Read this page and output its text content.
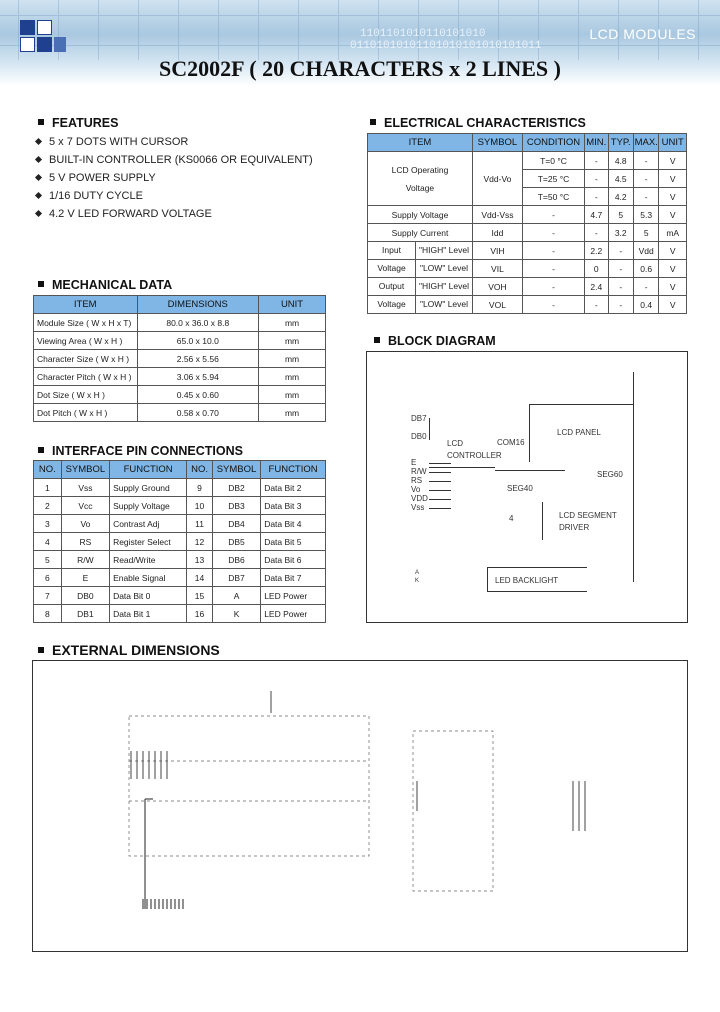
1101101010110101010
01101010101101010101010101011
LCD MODULES
SC2002F ( 20 CHARACTERS x 2 LINES )
FEATURES
5 x 7 DOTS WITH CURSOR
BUILT-IN CONTROLLER (KS0066 OR EQUIVALENT)
5 V POWER SUPPLY
1/16 DUTY CYCLE
4.2 V LED FORWARD VOLTAGE
MECHANICAL DATA
ITEM	DIMENSIONS	UNIT
Module Size ( W x H x T)	80.0 x 36.0 x 8.8	mm
Viewing Area ( W x H )	65.0 x 10.0	mm
Character Size ( W x H )	2.56 x 5.56	mm
Character Pitch ( W x H )	3.06 x 5.94	mm
Dot Size ( W x H )	0.45 x 0.60	mm
Dot Pitch ( W x H )	0.58 x 0.70	mm
INTERFACE PIN CONNECTIONS
NO.	SYMBOL	FUNCTION	NO.	SYMBOL	FUNCTION
1	Vss	Supply Ground	9	DB2	Data Bit 2
2	Vcc	Supply Voltage	10	DB3	Data Bit 3
3	Vo	Contrast Adj	11	DB4	Data Bit 4
4	RS	Register Select	12	DB5	Data Bit 5
5	R/W	Read/Write	13	DB6	Data Bit 6
6	E	Enable Signal	14	DB7	Data Bit 7
7	DB0	Data Bit 0	15	A	LED Power
8	DB1	Data Bit 1	16	K	LED Power
ELECTRICAL CHARACTERISTICS
ITEM	SYMBOL	CONDITION	MIN.	TYP.	MAX.	UNIT

LCD Operating
Voltage	Vdd-Vo	T=0 °C	-	4.8	-	V
		T=25 °C	-	4.5	-	V
		T=50 °C	-	4.2	-	V
Supply Voltage	Vdd-Vss	-	4.7	5	5.3	V
Supply Current	Idd	-	-	3.2	5	mA

Input "HIGH" Level	VIH	-	2.2	-	Vdd	V

Voltage "LOW" Level	VIL	-	0	-	0.6	V

Output "HIGH" Level	VOH	-	2.4	-	-	V

Voltage "LOW" Level	VOL	-	-	-	0.4	V
BLOCK DIAGRAM
LCD PANEL
COM16
DB7
DB0
LCD CONTROLLER
SEG40
SEG60
E
R/W
RS
Vo
VDD
Vss
4	LCD SEGMENT DRIVER
LED BACKLIGHT
A
K
EXTERNAL DIMENSIONS
